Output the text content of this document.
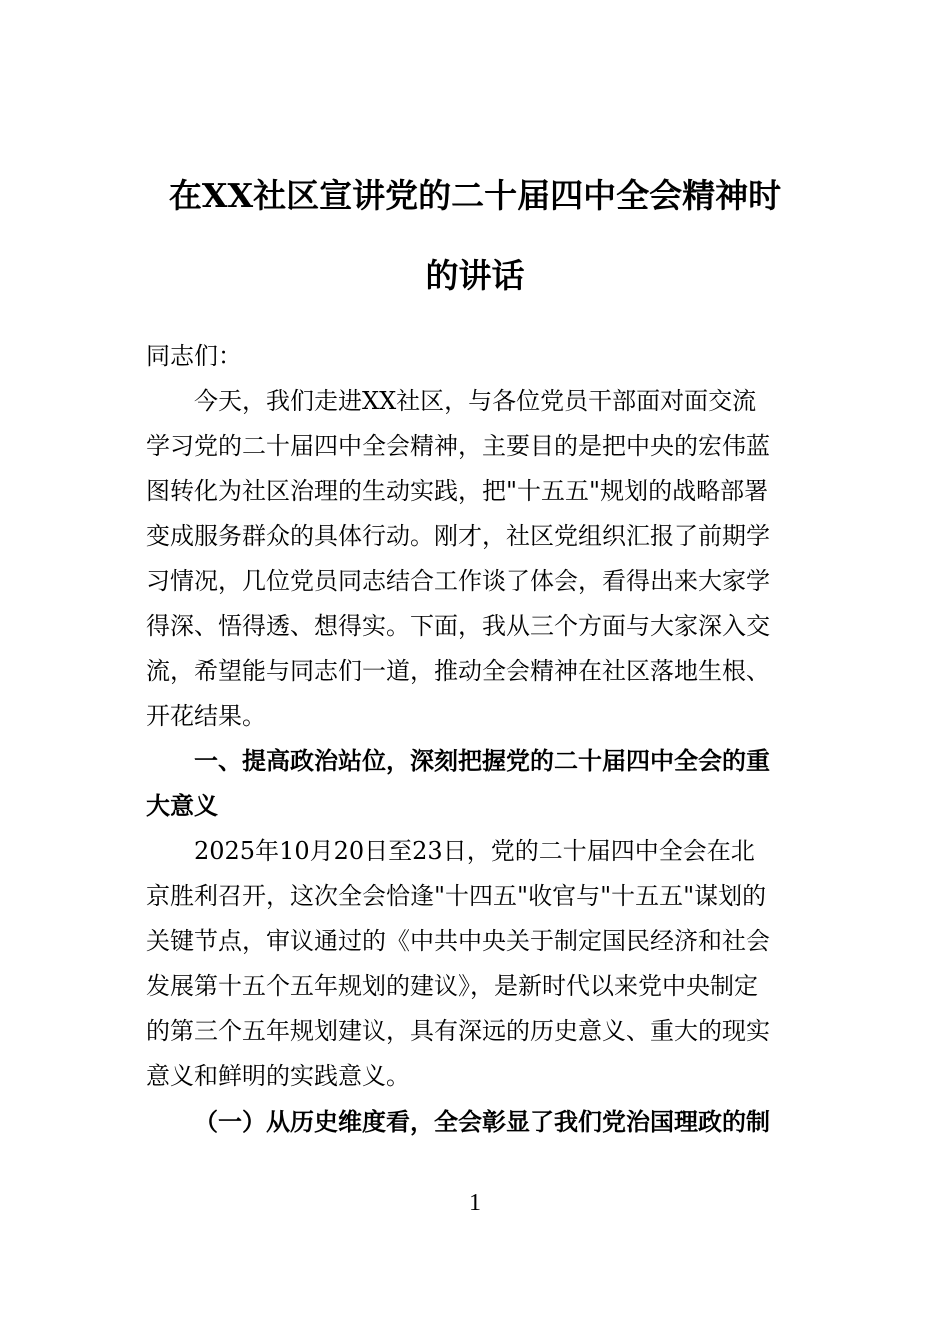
在XX社区宣讲党的二十届四中全会精神时
的讲话
同志们：
今天，我们走进XX社区，与各位党员干部面对面交流
学习党的二十届四中全会精神，主要目的是把中央的宏伟蓝
图转化为社区治理的生动实践，把"十五五"规划的战略部署
变成服务群众的具体行动。刚才，社区党组织汇报了前期学
习情况，几位党员同志结合工作谈了体会，看得出来大家学
得深、悟得透、想得实。下面，我从三个方面与大家深入交
流，希望能与同志们一道，推动全会精神在社区落地生根、
开花结果。
一、提高政治站位，深刻把握党的二十届四中全会的重
大意义
2025年10月20日至23日，党的二十届四中全会在北
京胜利召开，这次全会恰逢"十四五"收官与"十五五"谋划的
关键节点，审议通过的《中共中央关于制定国民经济和社会
发展第十五个五年规划的建议》，是新时代以来党中央制定
的第三个五年规划建议，具有深远的历史意义、重大的现实
意义和鲜明的实践意义。
（一）从历史维度看，全会彰显了我们党治国理政的制
1
